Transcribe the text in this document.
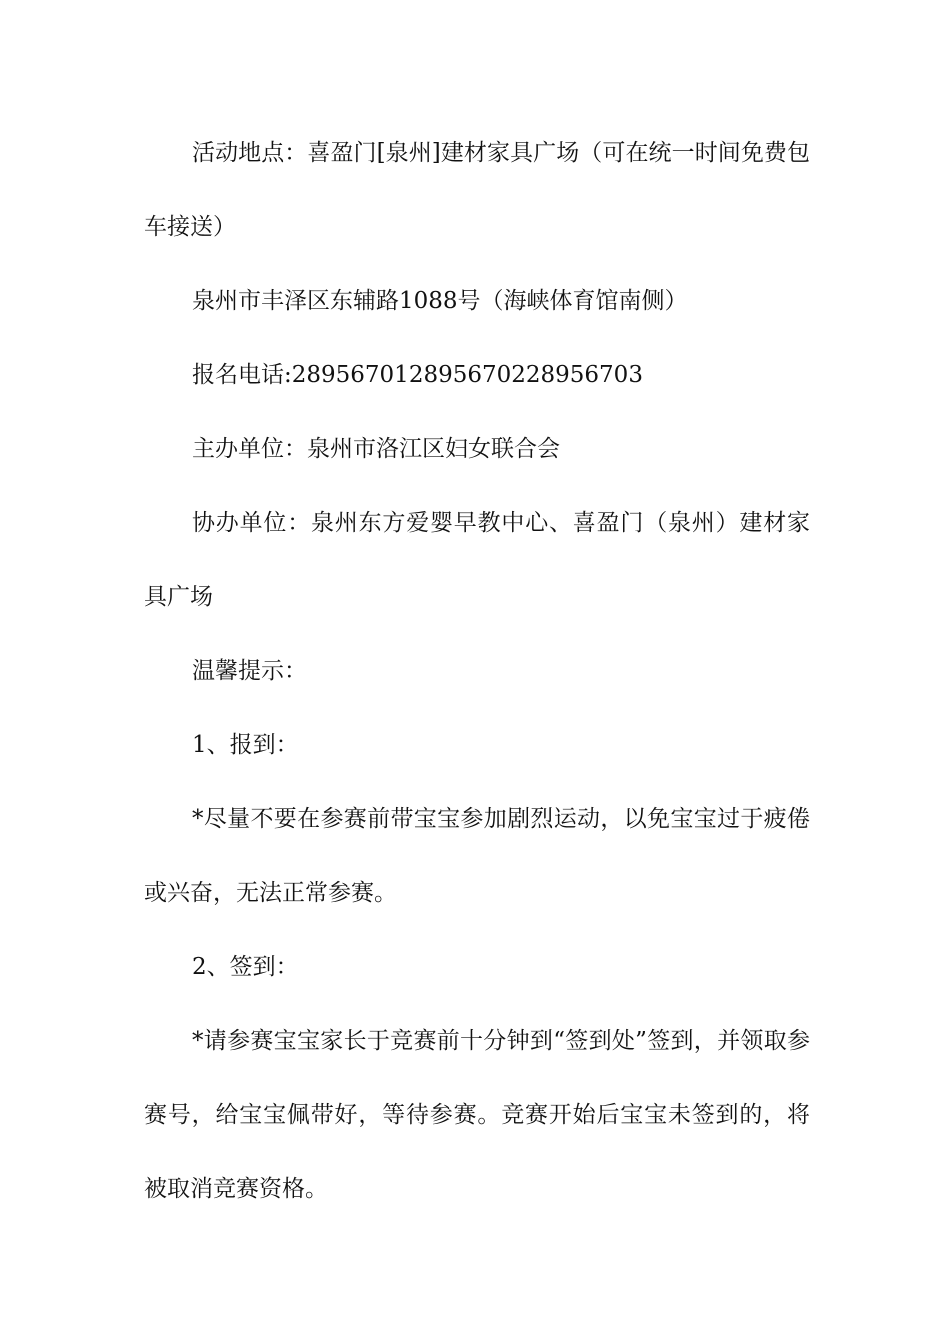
活动地点：喜盈门[泉州]建材家具广场（可在统一时间免费包车接送）

泉州市丰泽区东辅路1088号（海峡体育馆南侧）

报名电话:28956701289567022895670​3

主办单位：泉州市洛江区妇女联合会

协办单位：泉州东方爱婴早教中心、喜盈门（泉州）建材家具广场

温馨提示：

1、报到：

*尽量不要在参赛前带宝宝参加剧烈运动，以免宝宝过于疲倦或兴奋，无法正常参赛。

2、签到：

*请参赛宝宝家长于竞赛前十分钟到“签到处”签到，并领取参赛号，给宝宝佩带好，等待参赛。竞赛开始后宝宝未签到的，将被取消竞赛资格。
